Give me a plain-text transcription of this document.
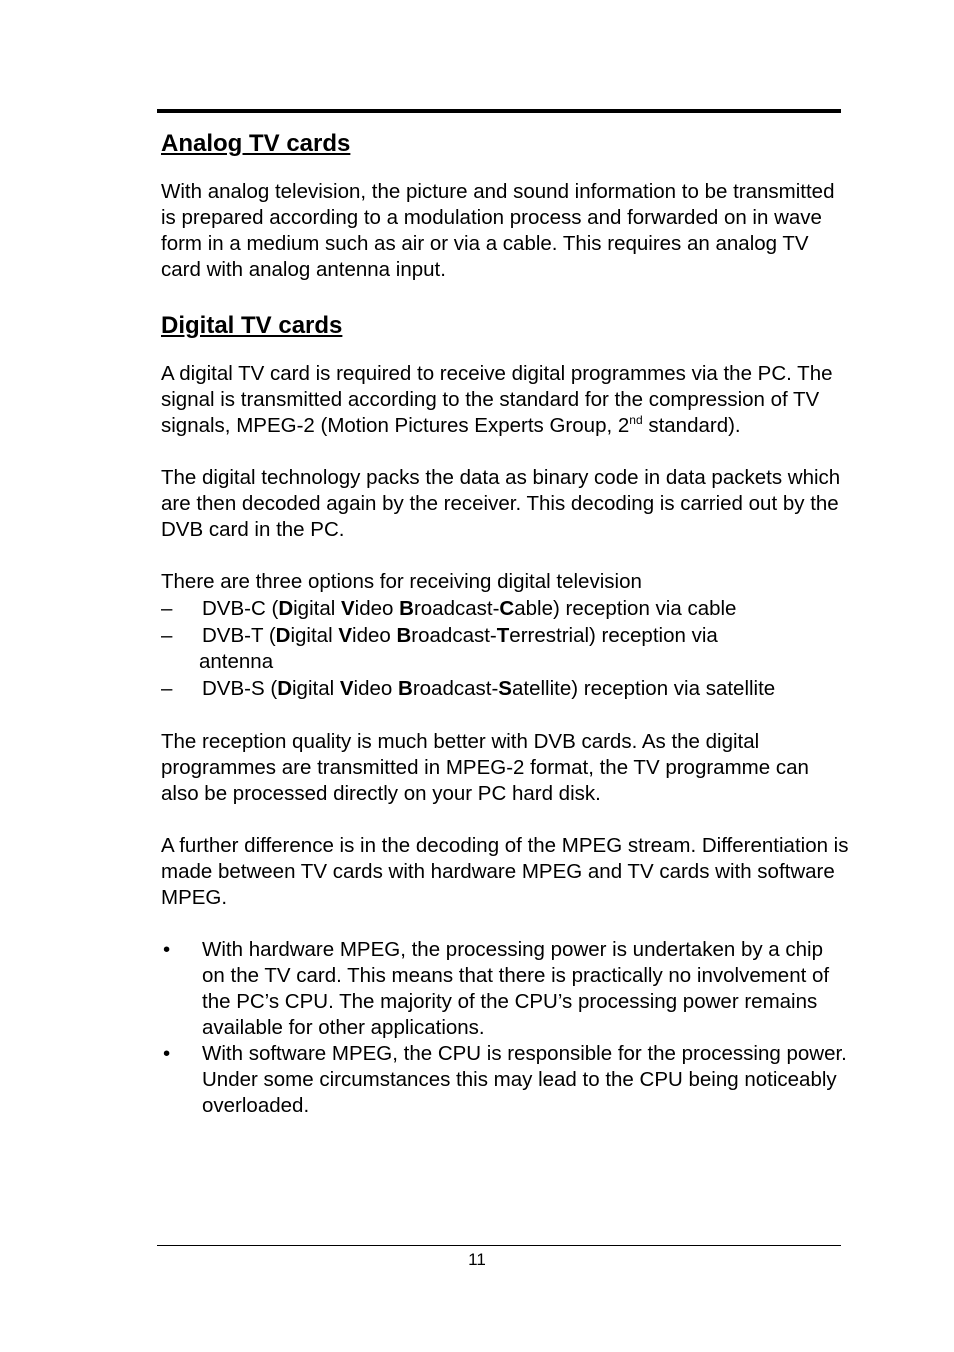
Analog TV cards

With analog television, the picture and sound information to be transmitted is prepared according to a modulation process and forwarded on in wave form in a medium such as air or via a cable. This requires an analog TV card with analog antenna input.

Digital TV cards

A digital TV card is required to receive digital programmes via the PC. The signal is transmitted according to the standard for the compression of TV signals, MPEG-2 (Motion Pictures Experts Group, 2nd standard).

The digital technology packs the data as binary code in data packets which are then decoded again by the receiver. This decoding is carried out by the DVB card in the PC.

There are three options for receiving digital television

– DVB-C (Digital Video Broadcast-Cable) reception via cable
– DVB-T (Digital Video Broadcast-Terrestrial) reception via
antenna
– DVB-S (Digital Video Broadcast-Satellite) reception via satellite

The reception quality is much better with DVB cards. As the digital programmes are transmitted in MPEG-2 format, the TV programme can also be processed directly on your PC hard disk.

A further difference is in the decoding of the MPEG stream. Differentiation is made between TV cards with hardware MPEG and TV cards with software MPEG.

• With hardware MPEG, the processing power is undertaken by a chip on the TV card. This means that there is practically no involvement of the PC’s CPU. The majority of the CPU’s processing power remains available for other applications.
• With software MPEG, the CPU is responsible for the processing power. Under some circumstances this may lead to the CPU being noticeably overloaded.
11
